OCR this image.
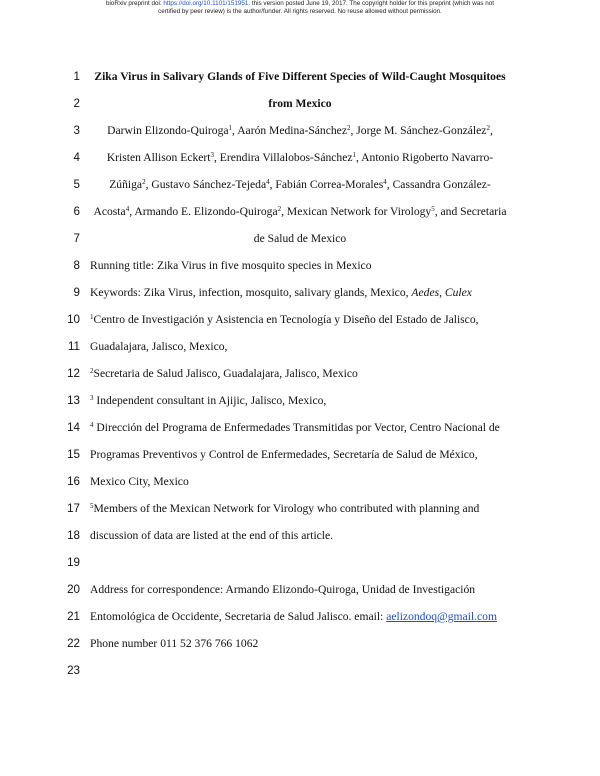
bioRxiv preprint doi: https://doi.org/10.1101/151951. this version posted June 19, 2017. The copyright holder for this preprint (which was not
certified by peer review) is the author/funder. All rights reserved. No reuse allowed without permission.
1	Zika Virus in Salivary Glands of Five Different Species of Wild-Caught Mosquitoes
2	from Mexico
3	Darwin Elizondo-Quiroga$^1$, Aarón Medina-Sánchez$^2$, Jorge M. Sánchez-González$^2$,
4	Kristen Allison Eckert$^3$, Erendira Villalobos-Sánchez$^1$, Antonio Rigoberto Navarro-
5	Zúñiga$^2$, Gustavo Sánchez-Tejeda$^4$, Fabián Correa-Morales$^4$, Cassandra González-
6	Acosta$^4$, Armando E. Elizondo-Quiroga$^2$, Mexican Network for Virology$^5$, and Secretaria
7	de Salud de Mexico
8 Running title: Zika Virus in five mosquito species in Mexico
9 Keywords: Zika Virus, infection, mosquito, salivary glands, Mexico, Aedes, Culex
10 $^1$Centro de Investigación y Asistencia en Tecnología y Diseño del Estado de Jalisco,
11 Guadalajara, Jalisco, Mexico,
12 $^2$Secretaria de Salud Jalisco, Guadalajara, Jalisco, Mexico
13 $^3$ Independent consultant in Ajijic, Jalisco, Mexico,
14 $^4$ Dirección del Programa de Enfermedades Transmitidas por Vector, Centro Nacional de
15 Programas Preventivos y Control de Enfermedades, Secretaría de Salud de México,
16 Mexico City, Mexico
17 $^5$Members of the Mexican Network for Virology who contributed with planning and
18 discussion of data are listed at the end of this article.
19
20 Address for correspondence: Armando Elizondo-Quiroga, Unidad de Investigación
21 Entomológica de Occidente, Secretaria de Salud Jalisco. email: aelizondoq@gmail.com
22 Phone number 011 52 376 766 1062
23
